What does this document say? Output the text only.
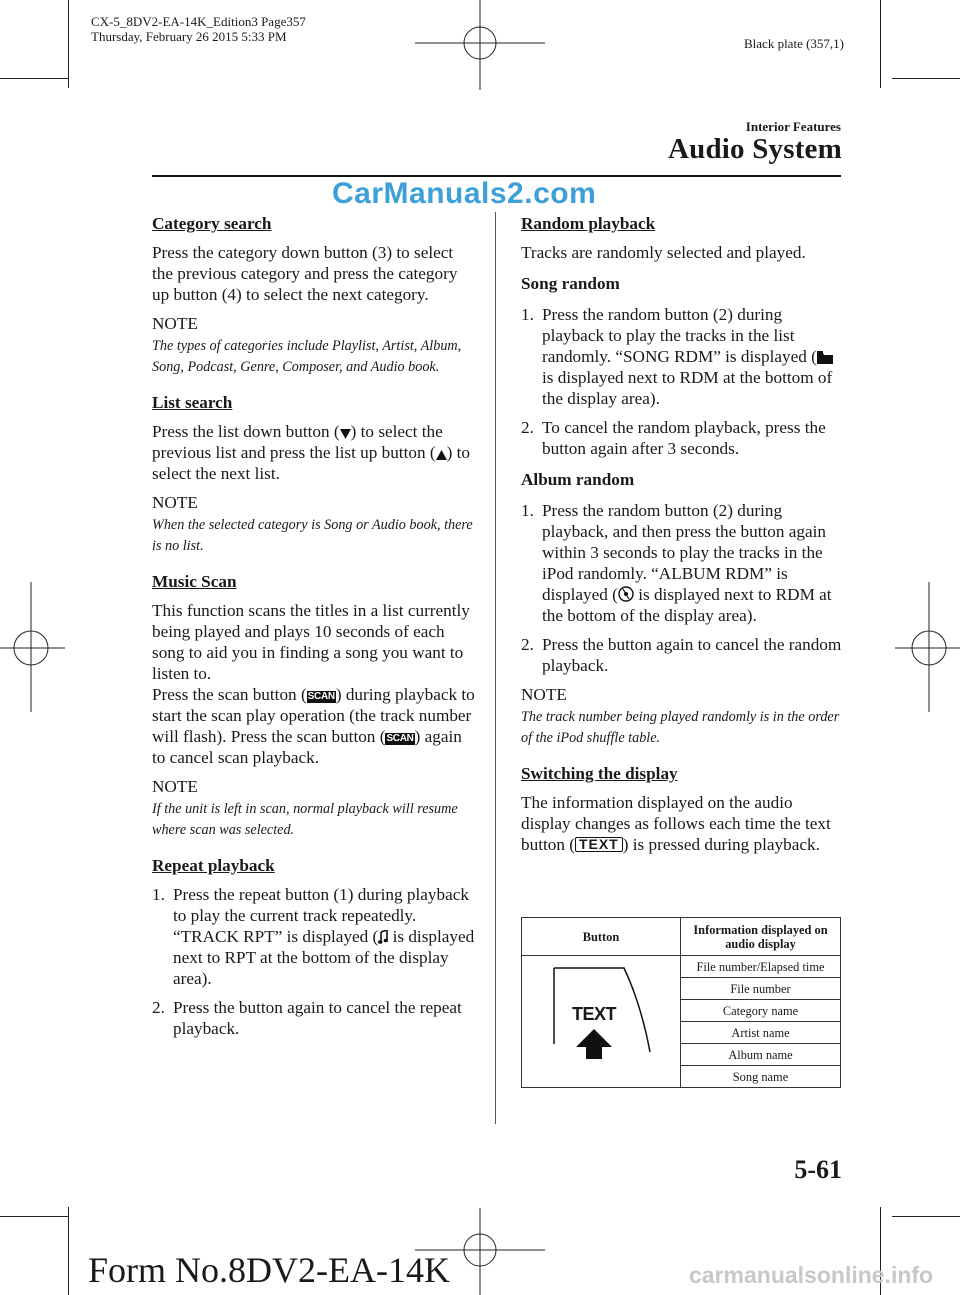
CX-5_8DV2-EA-14K_Edition3 Page357
Thursday, February 26 2015 5:33 PM	Black plate (357,1)
Interior Features
Audio System
CarManuals2.com
Category search

Press the category down button (3) to select the previous category and press the category up button (4) to select the next category.

NOTE
The types of categories include Playlist, Artist, Album, Song, Podcast, Genre, Composer, and Audio book.
List search

Press the list down button ( ) to select the previous list and press the list up button ( ) to select the next list.

NOTE
When the selected category is Song or Audio book, there is no list.
Music Scan

This function scans the titles in a list currently being played and plays 10 seconds of each song to aid you in finding a song you want to listen to.

Press the scan button (SCAN) during playback to start the scan play operation (the track number will flash). Press the scan button (SCAN) again to cancel scan playback.

NOTE
If the unit is left in scan, normal playback will resume where scan was selected.
Repeat playback
1. Press the repeat button (1) during playback to play the current track repeatedly. “TRACK RPT” is displayed ( is displayed next to RPT at the bottom of the display area).
2. Press the button again to cancel the repeat playback.
Random playback

Tracks are randomly selected and played.

Song random
1. Press the random button (2) during playback to play the tracks in the list randomly. “SONG RDM” is displayed ( is displayed next to RDM at the bottom of the display area).
2. To cancel the random playback, press the button again after 3 seconds.
Album random
1. Press the random button (2) during playback, and then press the button again within 3 seconds to play the tracks in the iPod randomly. “ALBUM RDM” is displayed ( is displayed next to RDM at the bottom of the display area).
2. Press the button again to cancel the random playback.
NOTE
The track number being played randomly is in the order of the iPod shuffle table.
Switching the display

The information displayed on the audio display changes as follows each time the text button ( TEXT ) is pressed during playback.

Button	Information displayed on audio display
	File number/Elapsed time
	File number
	Category name
	Artist name
	Album name
	Song name
TEXT
5-61
Form No.8DV2-EA-14K	carmanualsonline.info
